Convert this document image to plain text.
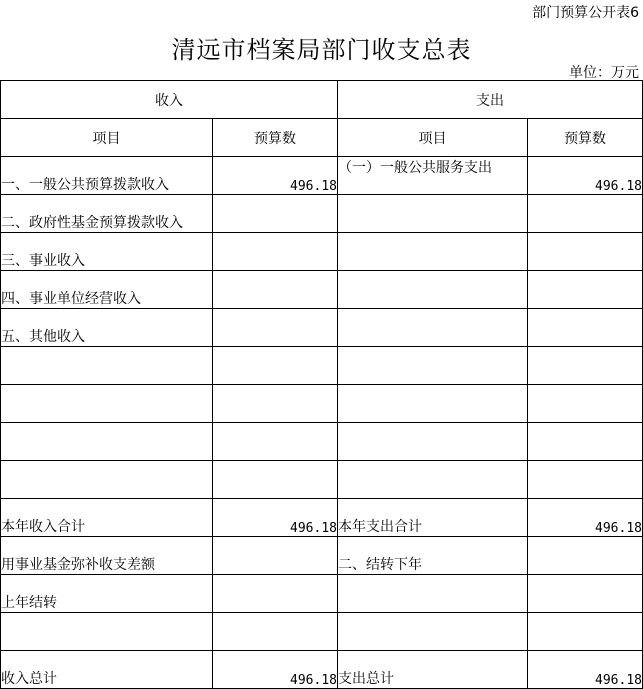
部门预算公开表6
清远市档案局部门收支总表
单位：万元
收入		支出	
项目	预算数	项目	预算数
一、一般公共预算拨款收入	496.18	（一）一般公共服务支出	496.18
二、政府性基金预算拨款收入			
三、事业收入			
四、事业单位经营收入			
五、其他收入			

本年收入合计	496.18	本年支出合计	496.18
用事业基金弥补收支差额		二、结转下年	
上年结转			

收入总计	496.18	支出总计	496.18
